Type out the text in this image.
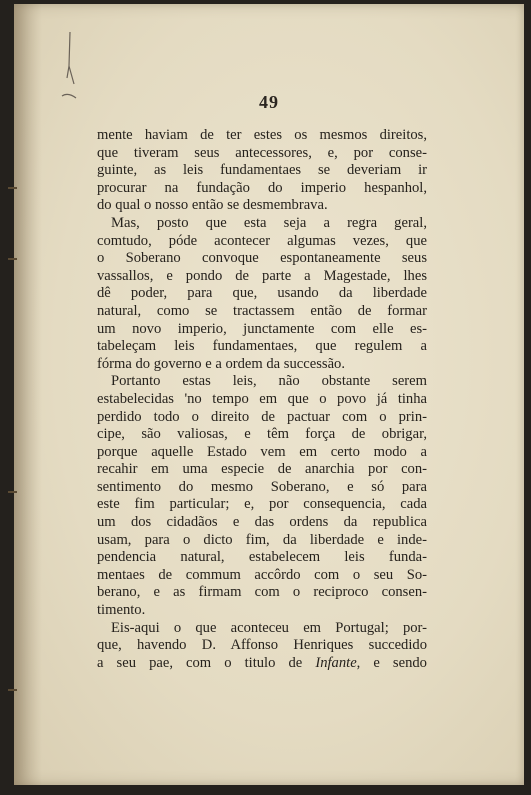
49
mente haviam de ter estes os mesmos direitos,
que tiveram seus antecessores, e, por conse-
guinte, as leis fundamentaes se deveriam ir
procurar na fundação do imperio hespanhol,
do qual o nosso então se desmembrava.
Mas, posto que esta seja a regra geral,
comtudo, póde acontecer algumas vezes, que
o Soberano convoque espontaneamente seus
vassallos, e pondo de parte a Magestade, lhes
dê poder, para que, usando da liberdade
natural, como se tractassem então de formar
um novo imperio, junctamente com elle es-
tabeleçam leis fundamentaes, que regulem a
fórma do governo e a ordem da successão.
Portanto estas leis, não obstante serem
estabelecidas 'no tempo em que o povo já tinha
perdido todo o direito de pactuar com o prin-
cipe, são valiosas, e têm força de obrigar,
porque aquelle Estado vem em certo modo a
recahir em uma especie de anarchia por con-
sentimento do mesmo Soberano, e só para
este fim particular; e, por consequencia, cada
um dos cidadãos e das ordens da republica
usam, para o dicto fim, da liberdade e inde-
pendencia natural, estabelecem leis funda-
mentaes de commum accôrdo com o seu So-
berano, e as firmam com o reciproco consen-
timento.
Eis-aqui o que aconteceu em Portugal; por-
que, havendo D. Affonso Henriques succedido
a seu pae, com o titulo de Infante, e sendo
